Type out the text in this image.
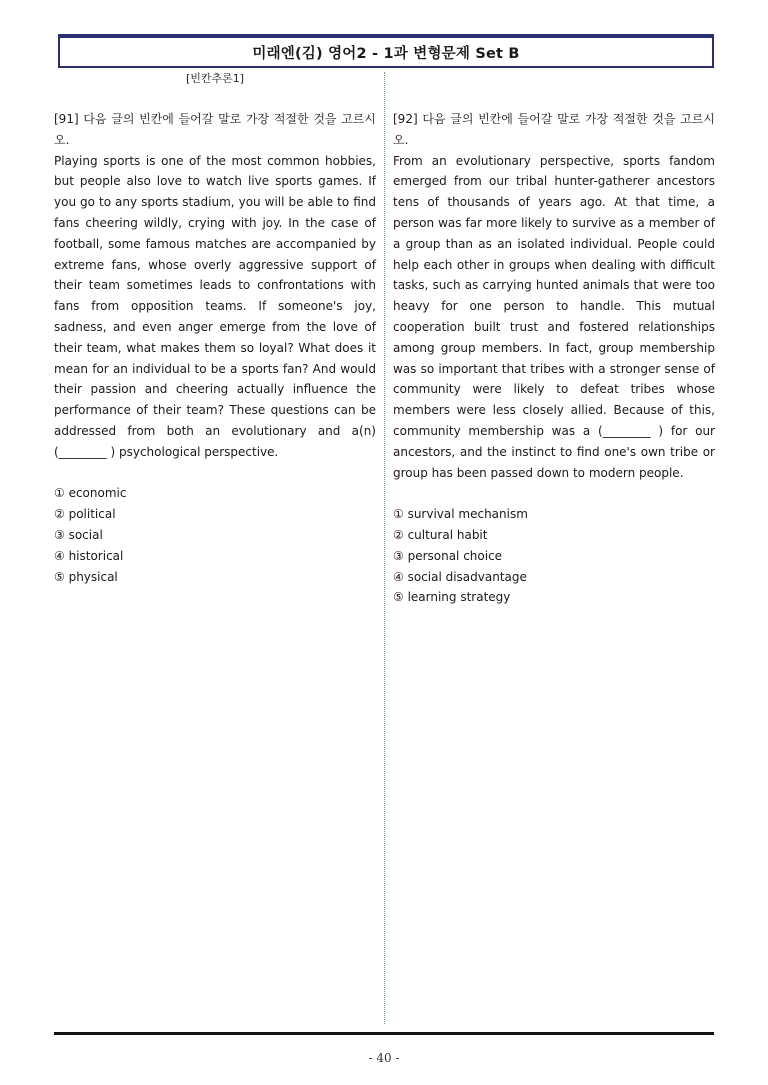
미래엔(김) 영어2 - 1과 변형문제 Set B
[빈칸추론1]

[91] 다음 글의 빈칸에 들어갈 말로 가장 적절한 것을 고르시오.

Playing sports is one of the most common hobbies, but people also love to watch live sports games. If you go to any sports stadium, you will be able to find fans cheering wildly, crying with joy. In the case of football, some famous matches are accompanied by extreme fans, whose overly aggressive support of their team sometimes leads to confrontations with fans from opposition teams. If someone's joy, sadness, and even anger emerge from the love of their team, what makes them so loyal? What does it mean for an individual to be a sports fan? And would their passion and cheering actually influence the performance of their team? These questions can be addressed from both an evolutionary and a(n) (________ ) psychological perspective.

① economic
② political
③ social
④ historical
⑤ physical

[92] 다음 글의 빈칸에 들어갈 말로 가장 적절한 것을 고르시오.

From an evolutionary perspective, sports fandom emerged from our tribal hunter-gatherer ancestors tens of thousands of years ago. At that time, a person was far more likely to survive as a member of a group than as an isolated individual. People could help each other in groups when dealing with difficult tasks, such as carrying hunted animals that were too heavy for one person to handle. This mutual cooperation built trust and fostered relationships among group members. In fact, group membership was so important that tribes with a stronger sense of community were likely to defeat tribes whose members were less closely allied. Because of this, community membership was a (________ ) for our ancestors, and the instinct to find one's own tribe or group has been passed down to modern people.

① survival mechanism
② cultural habit
③ personal choice
④ social disadvantage
⑤ learning strategy
- 40 -
